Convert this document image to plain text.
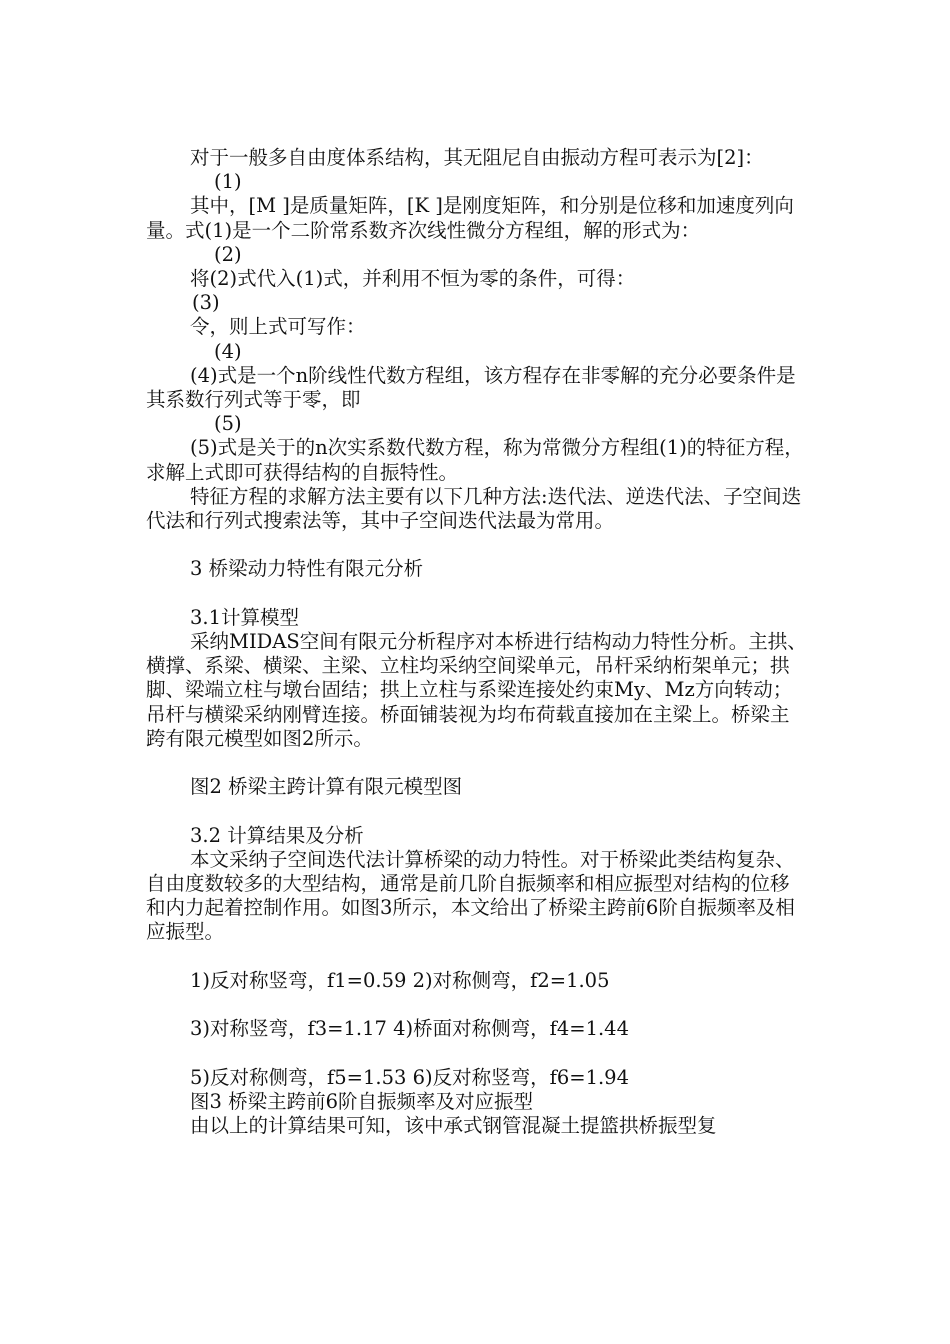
对于一般多自由度体系结构，其无阻尼自由振动方程可表示为[2]：

(1)

其中，[M ]是质量矩阵，[K ]是刚度矩阵，和分别是位移和加速度列向量。式(1)是一个二阶常系数齐次线性微分方程组，解的形式为：

(2)

将(2)式代入(1)式，并利用不恒为零的条件，可得：

(3)

令，则上式可写作：

(4)

(4)式是一个n阶线性代数方程组，该方程存在非零解的充分必要条件是其系数行列式等于零，即

(5)

(5)式是关于的n次实系数代数方程，称为常微分方程组(1)的特征方程，求解上式即可获得结构的自振特性。

特征方程的求解方法主要有以下几种方法:迭代法、逆迭代法、子空间迭代法和行列式搜索法等，其中子空间迭代法最为常用。

3 桥梁动力特性有限元分析

3.1计算模型

采纳MIDAS空间有限元分析程序对本桥进行结构动力特性分析。主拱、横撑、系梁、横梁、主梁、立柱均采纳空间梁单元，吊杆采纳桁架单元；拱脚、梁端立柱与墩台固结；拱上立柱与系梁连接处约束My、Mz方向转动；吊杆与横梁采纳刚臂连接。桥面铺装视为均布荷载直接加在主梁上。桥梁主跨有限元模型如图2所示。

图2 桥梁主跨计算有限元模型图

3.2 计算结果及分析

本文采纳子空间迭代法计算桥梁的动力特性。对于桥梁此类结构复杂、自由度数较多的大型结构，通常是前几阶自振频率和相应振型对结构的位移和内力起着控制作用。如图3所示，本文给出了桥梁主跨前6阶自振频率及相应振型。

1)反对称竖弯，f1=0.59 2)对称侧弯，f2=1.05

3)对称竖弯，f3=1.17 4)桥面对称侧弯，f4=1.44

5)反对称侧弯，f5=1.53 6)反对称竖弯，f6=1.94

图3 桥梁主跨前6阶自振频率及对应振型

由以上的计算结果可知，该中承式钢管混凝土提篮拱桥振型复
